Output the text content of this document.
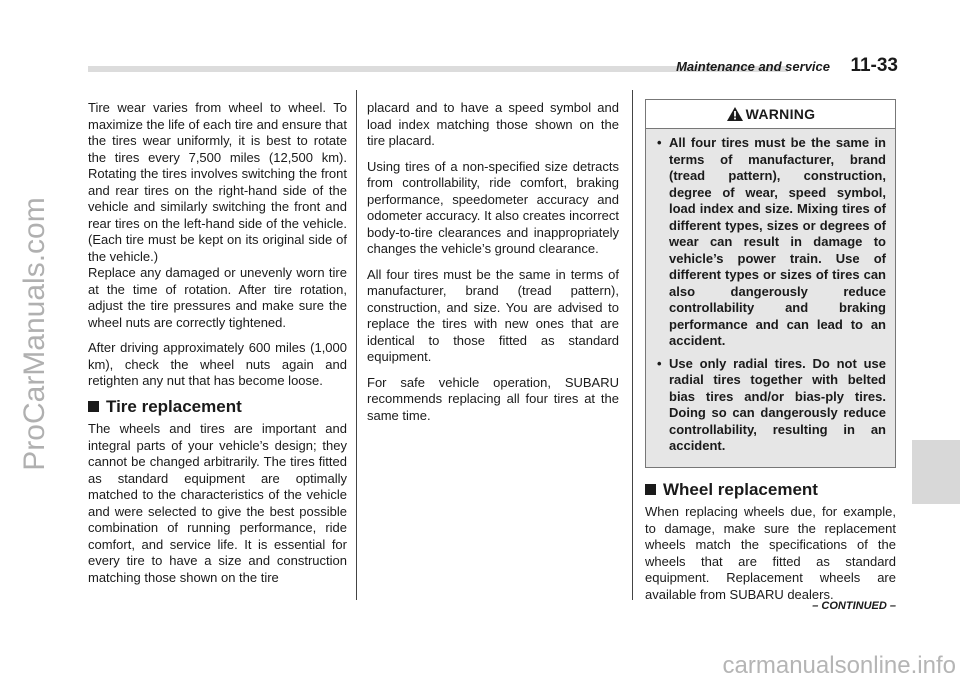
Maintenance and service 11-33
ProCarManuals.com

Tire wear varies from wheel to wheel. To maximize the life of each tire and ensure that the tires wear uniformly, it is best to rotate the tires every 7,500 miles (12,500 km). Rotating the tires involves switching the front and rear tires on the right-hand side of the vehicle and similarly switching the front and rear tires on the left-hand side of the vehicle. (Each tire must be kept on its original side of the vehicle.)

Replace any damaged or unevenly worn tire at the time of rotation. After tire rotation, adjust the tire pressures and make sure the wheel nuts are correctly tightened.

After driving approximately 600 miles (1,000 km), check the wheel nuts again and retighten any nut that has become loose.

Tire replacement

The wheels and tires are important and integral parts of your vehicle’s design; they cannot be changed arbitrarily. The tires fitted as standard equipment are optimally matched to the characteristics of the vehicle and were selected to give the best possible combination of running performance, ride comfort, and service life. It is essential for every tire to have a size and construction matching those shown on the tire

placard and to have a speed symbol and load index matching those shown on the tire placard.

Using tires of a non-specified size detracts from controllability, ride comfort, braking performance, speedometer accuracy and odometer accuracy. It also creates incorrect body-to-tire clearances and inappropriately changes the vehicle’s ground clearance.

All four tires must be the same in terms of manufacturer, brand (tread pattern), construction, and size. You are advised to replace the tires with new ones that are identical to those fitted as standard equipment.

For safe vehicle operation, SUBARU recommends replacing all four tires at the same time.

WARNING
• All four tires must be the same in terms of manufacturer, brand (tread pattern), construction, degree of wear, speed symbol, load index and size. Mixing tires of different types, sizes or degrees of wear can result in damage to vehicle’s power train. Use of different types or sizes of tires can also dangerously reduce controllability and braking performance and can lead to an accident.
• Use only radial tires. Do not use radial tires together with belted bias tires and/or bias-ply tires. Doing so can dangerously reduce controllability, resulting in an accident.
Wheel replacement

When replacing wheels due, for example, to damage, make sure the replacement wheels match the specifications of the wheels that are fitted as standard equipment. Replacement wheels are available from SUBARU dealers.

– CONTINUED –
carmanualsonline.info
